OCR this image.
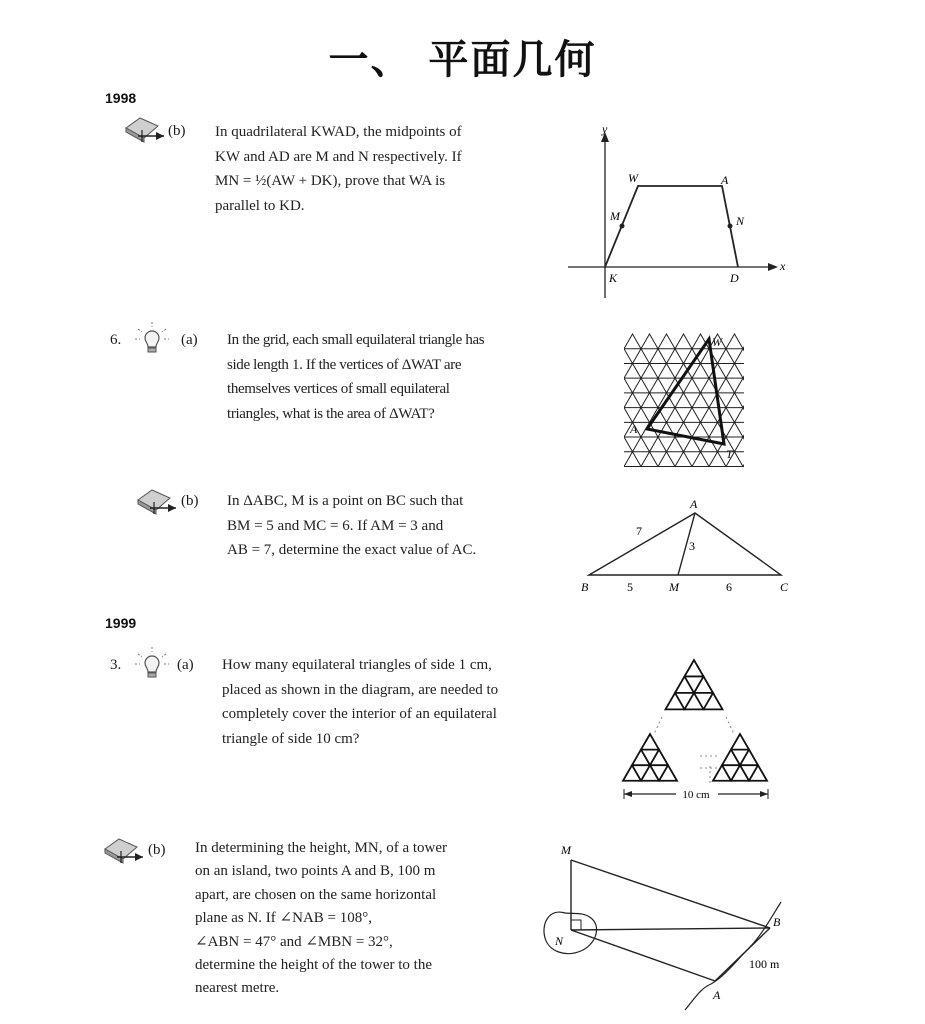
一、 平面几何
1998
(b) In quadrilateral KWAD, the midpoints of
KW and AD are M and N respectively. If
MN = ½(AW + DK), prove that WA is
parallel to KD.
y
x
K
W	A
D
M	N
6.	(a) In the grid, each small equilateral triangle has
side length 1. If the vertices of ΔWAT are
themselves vertices of small equilateral
triangles, what is the area of ΔWAT?
W
A
T
(b) In ΔABC, M is a point on BC such that
BM = 5 and MC = 6. If AM = 3 and
AB = 7, determine the exact value of AC.
A
B	C
M
7
3
5	6
1999
3.	(a) How many equilateral triangles of side 1 cm,
placed as shown in the diagram, are needed to
completely cover the interior of an equilateral
triangle of side 10 cm?
10 cm
(b) In determining the height, MN, of a tower
on an island, two points A and B, 100 m
apart, are chosen on the same horizontal
plane as N. If ∠NAB = 108°,
∠ABN = 47° and ∠MBN = 32°,
determine the height of the tower to the
nearest metre.
M
N
A
B
100 m
